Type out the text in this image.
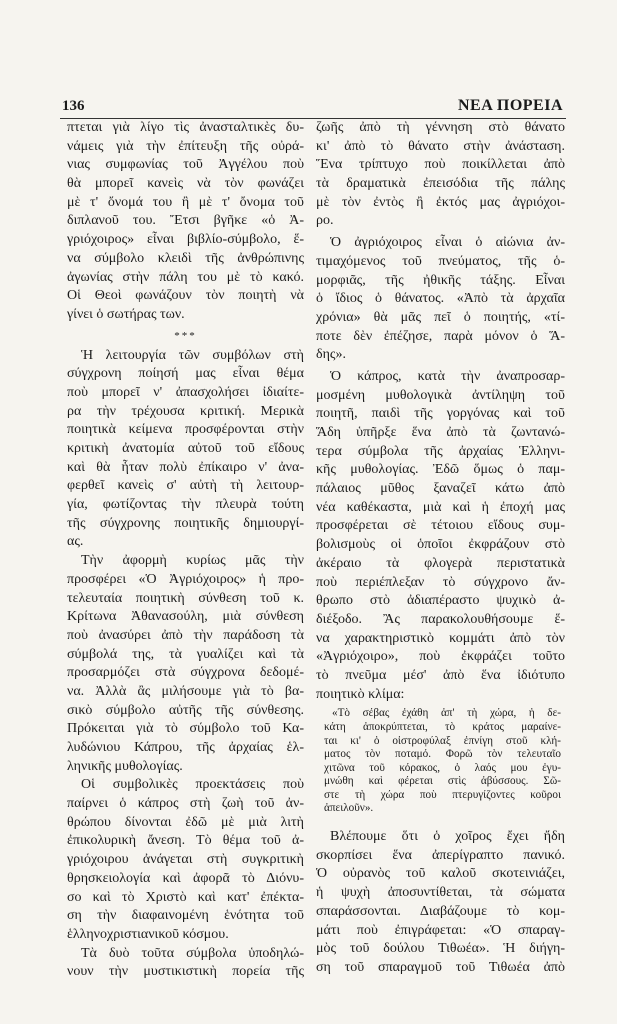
136	ΝΕΑ ΠΟΡΕΙΑ
πτεται γιὰ λίγο τὶς ἀνασταλτικὲς δυ-
νάμεις γιὰ τὴν ἐπίτευξη τῆς οὐρά-
νιας συμφωνίας τοῦ Ἀγγέλου ποὺ
θὰ μπορεῖ κανεὶς νὰ τὸν φωνάζει
μὲ τ' ὄνομά του ἢ μὲ τ' ὄνομα τοῦ
διπλανοῦ του. Ἔτσι βγῆκε «ὁ Ἀ-
γριόχοιρος» εἶναι βιβλίο-σύμβολο, ἕ-
να σύμβολο κλειδὶ τῆς ἀνθρώπινης
ἀγωνίας στὴν πάλη του μὲ τὸ κακό.
Οἱ Θεοὶ φωνάζουν τὸν ποιητὴ νὰ
γίνει ὁ σωτήρας των.
***
Ἡ λειτουργία τῶν συμβόλων στὴ
σύγχρονη ποίησή μας εἶναι θέμα
ποὺ μπορεῖ ν' ἀπασχολήσει ἰδιαίτε-
ρα τὴν τρέχουσα κριτική. Μερικὰ
ποιητικὰ κείμενα προσφέρονται στὴν
κριτικὴ ἀνατομία αὐτοῦ τοῦ εἴδους
καὶ θὰ ἦταν πολὺ ἐπίκαιρο ν' ἀνα-
φερθεῖ κανεὶς σ' αὐτὴ τὴ λειτουρ-
γία, φωτίζοντας τὴν πλευρὰ τούτη
τῆς σύγχρονης ποιητικῆς δημιουργί-
ας.
Τὴν ἀφορμὴ κυρίως μᾶς τὴν
προσφέρει «Ὁ Ἀγριόχοιρος» ἡ προ-
τελευταία ποιητικὴ σύνθεση τοῦ κ.
Κρίτωνα Ἀθανασούλη, μιὰ σύνθεση
ποὺ ἀνασύρει ἀπὸ τὴν παράδοση τὰ
σύμβολά της, τὰ γυαλίζει καὶ τὰ
προσαρμόζει στὰ σύγχρονα δεδομέ-
να. Ἀλλὰ ἂς μιλήσουμε γιὰ τὸ βα-
σικὸ σύμβολο αὐτῆς τῆς σύνθεσης.
Πρόκειται γιὰ τὸ σύμβολο τοῦ Κα-
λυδώνιου Κάπρου, τῆς ἀρχαίας ἑλ-
ληνικῆς μυθολογίας.
Οἱ συμβολικὲς προεκτάσεις ποὺ
παίρνει ὁ κάπρος στὴ ζωὴ τοῦ ἀν-
θρώπου δίνονται ἐδῶ μὲ μιὰ λιτὴ
ἐπικολυρικὴ ἄνεση. Τὸ θέμα τοῦ ἀ-
γριόχοιρου ἀνάγεται στὴ συγκριτικὴ
θρησκειολογία καὶ ἀφορᾶ τὸ Διόνυ-
σο καὶ τὸ Χριστὸ καὶ κατ' ἐπέκτα-
ση τὴν διαφαινομένη ἑνότητα τοῦ
ἑλληνοχριστιανικοῦ κόσμου.
Τὰ δυὸ τοῦτα σύμβολα ὑποδηλώ-
νουν τὴν μυστικιστικὴ πορεία τῆς
ζωῆς ἀπὸ τὴ γέννηση στὸ θάνατο
κι' ἀπὸ τὸ θάνατο στὴν ἀνάσταση.
Ἕνα τρίπτυχο ποὺ ποικίλλεται ἀπὸ
τὰ δραματικὰ ἐπεισόδια τῆς πάλης
μὲ τὸν ἐντὸς ἢ ἐκτός μας ἀγριόχοι-
ρο.
Ὁ ἀγριόχοιρος εἶναι ὁ αἰώνια ἀν-
τιμαχόμενος τοῦ πνεύματος, τῆς ὁ-
μορφιᾶς, τῆς ἠθικῆς τάξης. Εἶναι
ὁ ἴδιος ὁ θάνατος. «Ἀπὸ τὰ ἀρχαῖα
χρόνια» θὰ μᾶς πεῖ ὁ ποιητής, «τί-
ποτε δὲν ἐπέζησε, παρὰ μόνον ὁ Ἅ-
δης».
Ὁ κάπρος, κατὰ τὴν ἀναπροσαρ-
μοσμένη μυθολογικὰ ἀντίληψη τοῦ
ποιητῆ, παιδὶ τῆς γοργόνας καὶ τοῦ
Ἅδη ὑπῆρξε ἕνα ἀπὸ τὰ ζωντανώ-
τερα σύμβολα τῆς ἀρχαίας Ἑλληνι-
κῆς μυθολογίας. Ἐδῶ ὅμως ὁ παμ-
πάλαιος μῦθος ξαναζεῖ κάτω ἀπὸ
νέα καθέκαστα, μιὰ καὶ ἡ ἐποχή μας
προσφέρεται σὲ τέτοιου εἴδους συμ-
βολισμοὺς οἱ ὁποῖοι ἐκφράζουν στὸ
ἀκέραιο τὰ φλογερὰ περιστατικὰ
ποὺ περιέπλεξαν τὸ σύγχρονο ἄν-
θρωπο στὸ ἀδιαπέραστο ψυχικὸ ἀ-
διέξοδο. Ἂς παρακολουθήσουμε ἕ-
να χαρακτηριστικὸ κομμάτι ἀπὸ τὸν
«Ἀγριόχοιρο», ποὺ ἐκφράζει τοῦτο
τὸ πνεῦμα μέσ' ἀπὸ ἕνα ἰδιότυπο
ποιητικὸ κλίμα:
«Τὸ σέβας ἐχάθη ἀπ' τὴ χώρα, ἡ δε-
κάτη ἀποκρύπτεται, τὸ κράτος μαραίνε-
ται κι' ὁ οἰστροφύλαξ ἐπνίγη στοῦ κλή-
ματος τὸν ποταμό. Φορῶ τὸν τελευταῖο
χιτῶνα τοῦ κόρακος, ὁ λαός μου ἐγυ-
μνώθη καὶ φέρεται στὶς ἀβύσσους. Σῶ-
στε τὴ χώρα ποὺ πτερυγίζοντες κοῦροι
ἀπειλοῦν».
Βλέπουμε ὅτι ὁ χοῖρος ἔχει ἤδη
σκορπίσει ἕνα ἀπερίγραπτο πανικό.
Ὁ οὐρανὸς τοῦ καλοῦ σκοτεινιάζει,
ἡ ψυχὴ ἀποσυντίθεται, τὰ σώματα
σπαράσσονται. Διαβάζουμε τὸ κομ-
μάτι ποὺ ἐπιγράφεται: «Ὁ σπαραγ-
μὸς τοῦ δούλου Τιθωέα». Ἡ διήγη-
ση τοῦ σπαραγμοῦ τοῦ Τιθωέα ἀπὸ
